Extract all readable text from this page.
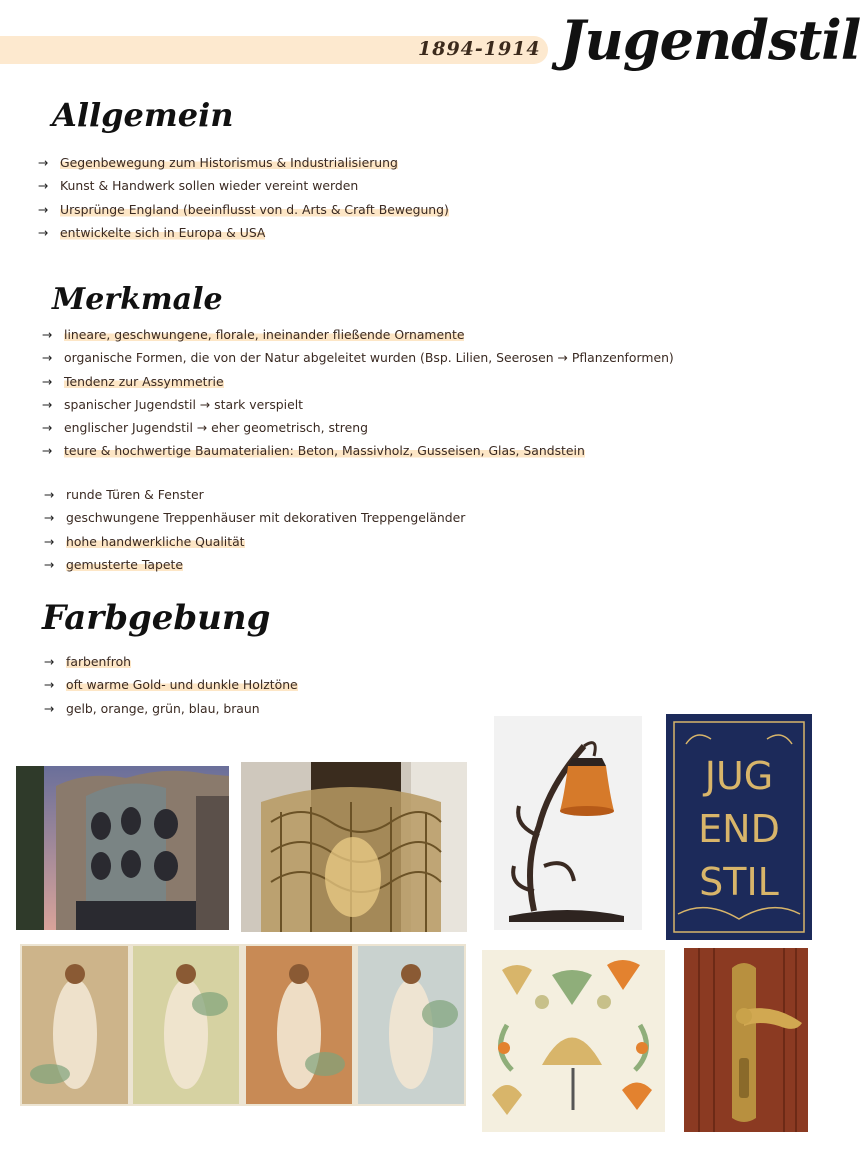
1894-1914 Jugendstil
Allgemein
→ Gegenbewegung zum Historismus & Industrialisierung
→ Kunst & Handwerk sollen wieder vereint werden
→ Ursprünge England (beeinflusst von d. Arts & Craft Bewegung)
→ entwickelte sich in Europa & USA
Merkmale
→ lineare, geschwungene, florale, ineinander fließende Ornamente
→ organische Formen, die von der Natur abgeleitet wurden (Bsp. Lilien, Seerosen → Pflanzenformen)
→ Tendenz zur Assymmetrie
→ spanischer Jugendstil → stark verspielt
→ englischer Jugendstil → eher geometrisch, streng
→ teure & hochwertige Baumaterialien: Beton, Massivholz, Gusseisen, Glas, Sandstein
→ runde Türen & Fenster
→ geschwungene Treppenhäuser mit dekorativen Treppengeländer
→ hohe handwerkliche Qualität
→ gemusterte Tapete
Farbgebung
→ farbenfroh
→ oft warme Gold- und dunkle Holztöne
→ gelb, orange, grün, blau, braun
JUG
END
STIL
